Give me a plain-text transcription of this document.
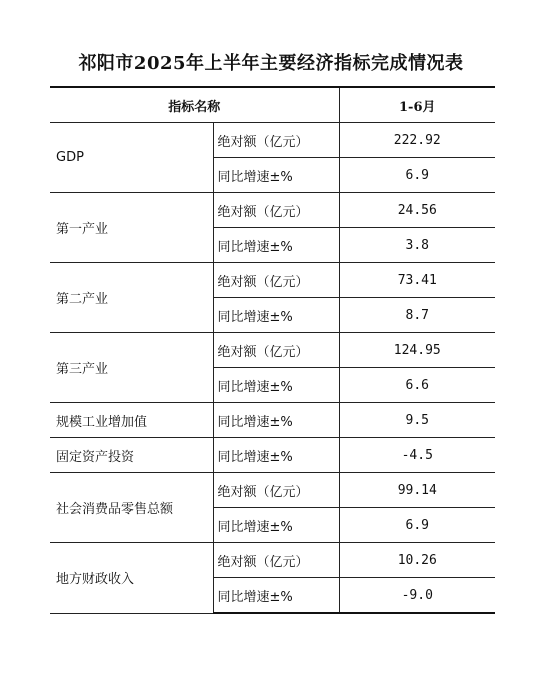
祁阳市2025年上半年主要经济指标完成情况表
指标名称		1-6月
GDP	绝对额（亿元）	222.92
	同比增速±%	6.9
第一产业	绝对额（亿元）	24.56
	同比增速±%	3.8
第二产业	绝对额（亿元）	73.41
	同比增速±%	8.7
第三产业	绝对额（亿元）	124.95
	同比增速±%	6.6
规模工业增加值	同比增速±%	9.5
固定资产投资	同比增速±%	-4.5
社会消费品零售总额	绝对额（亿元）	99.14
	同比增速±%	6.9
地方财政收入	绝对额（亿元）	10.26
	同比增速±%	-9.0
